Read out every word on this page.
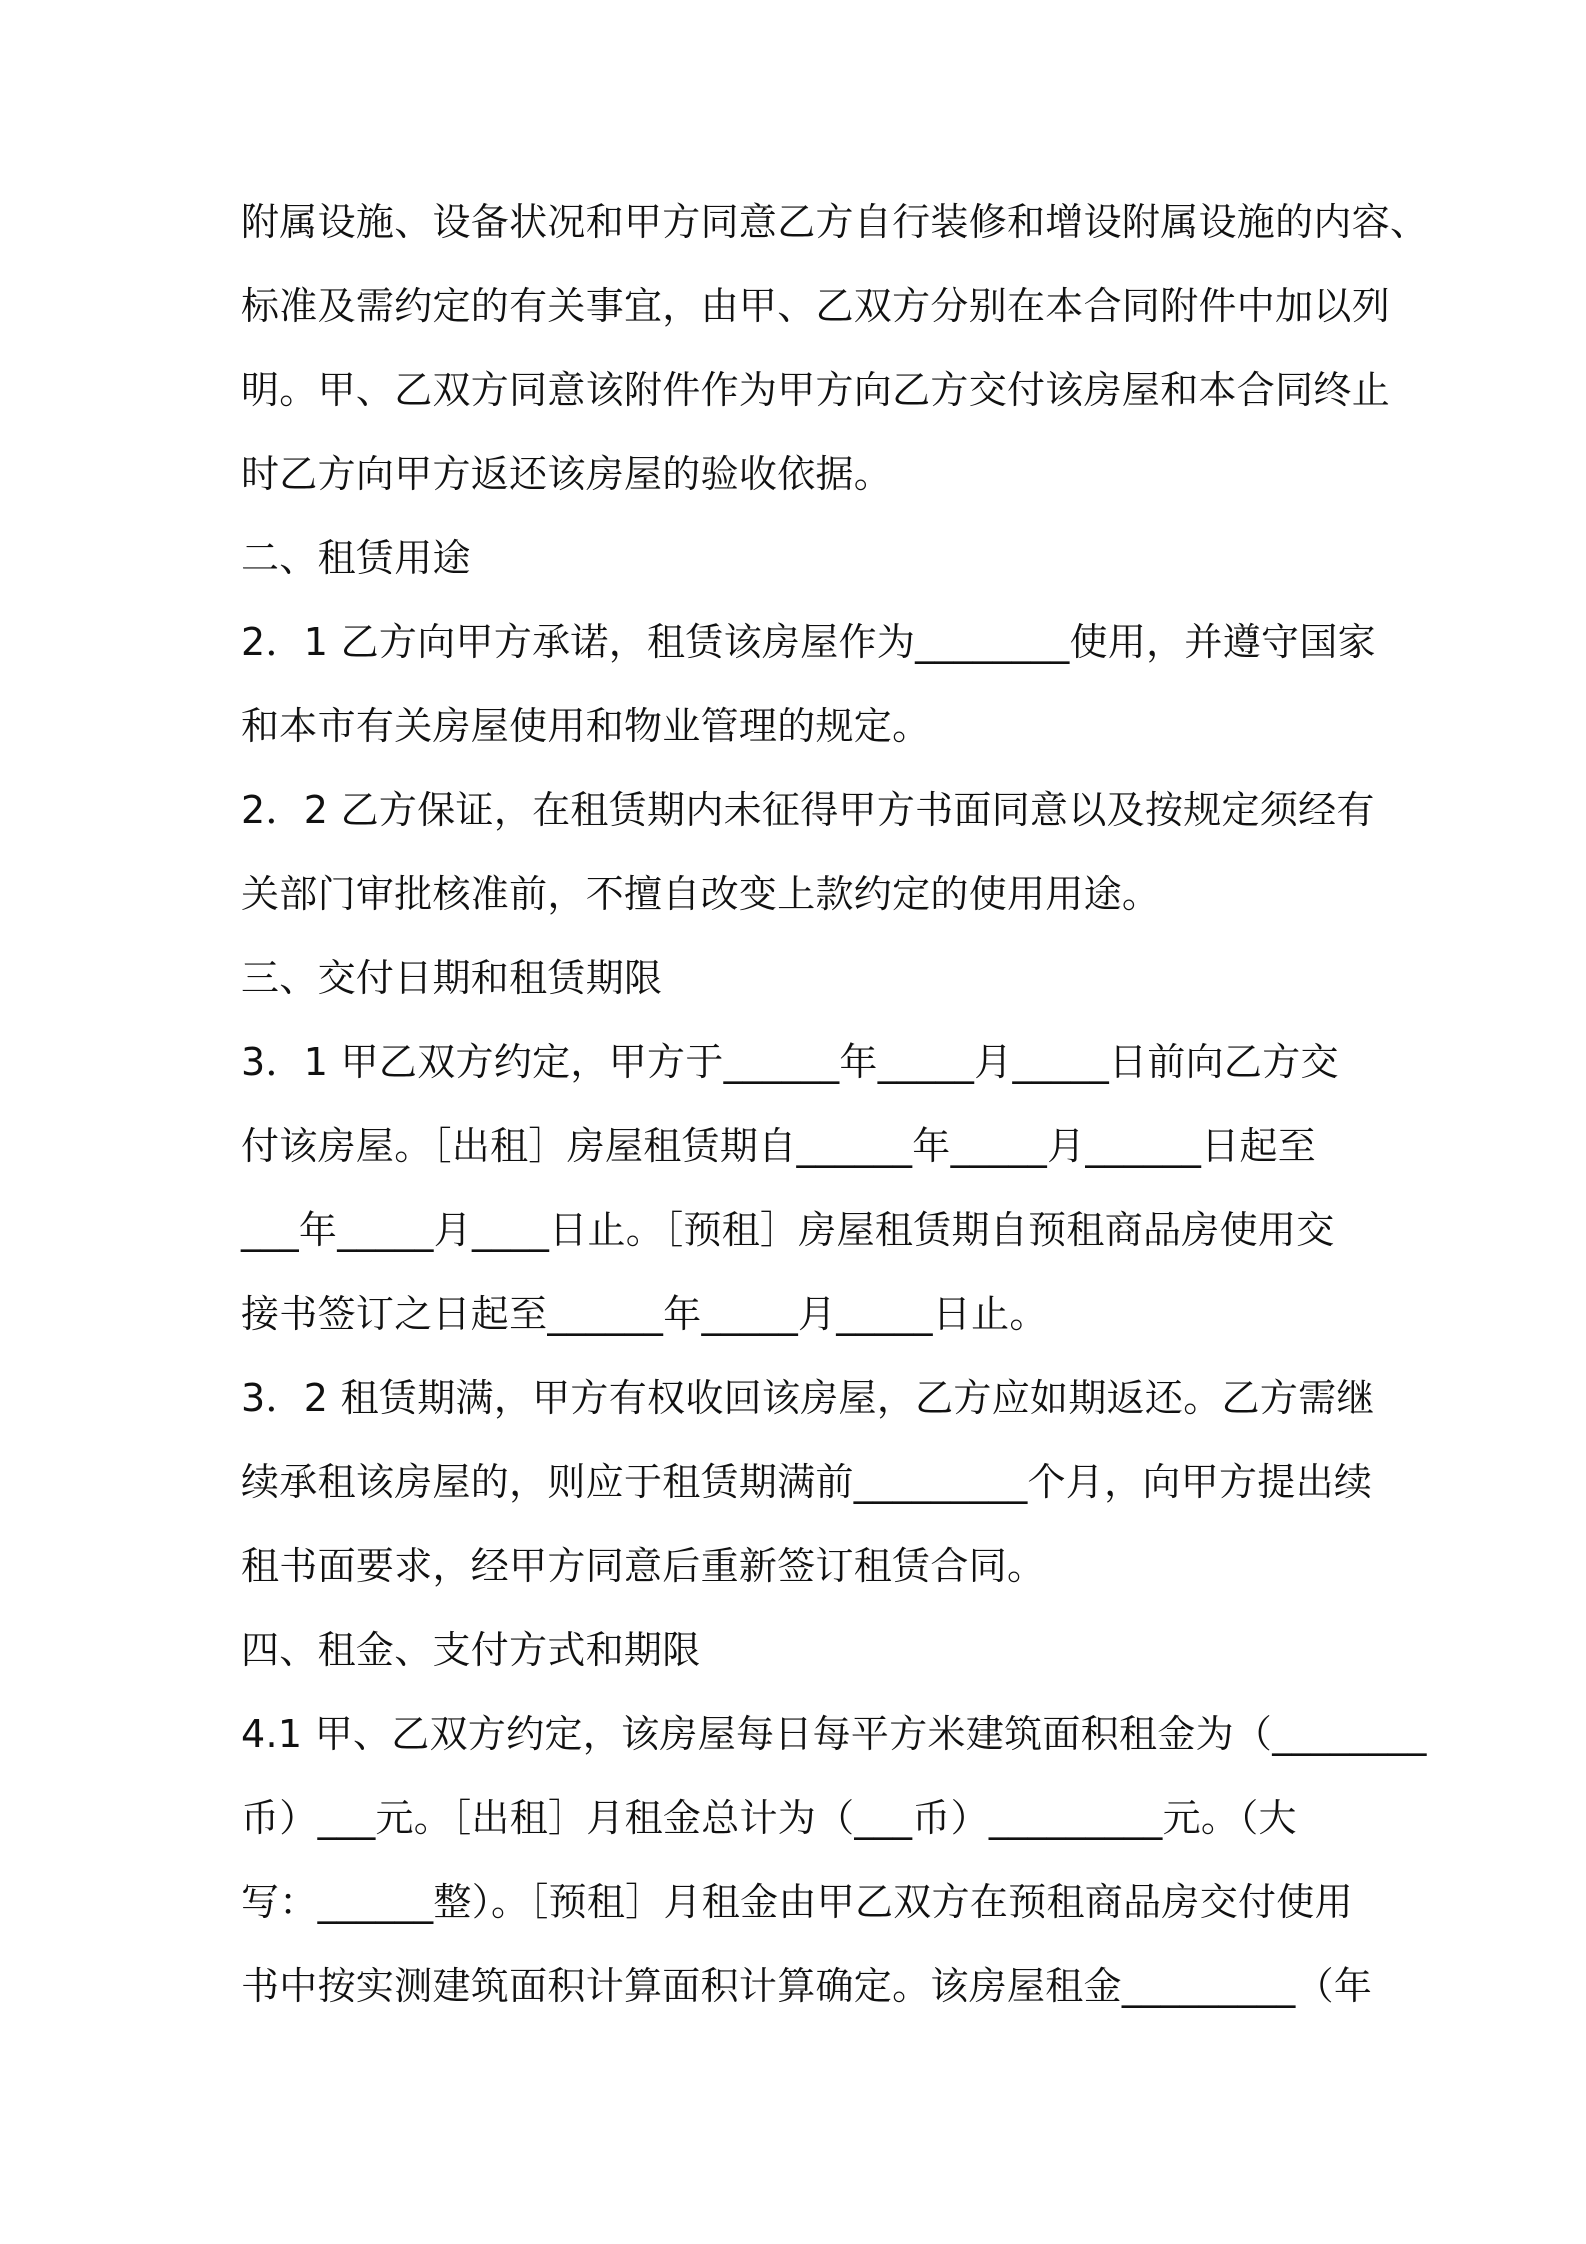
附属设施、设备状况和甲方同意乙方自行装修和增设附属设施的内容、
标准及需约定的有关事宜，由甲、乙双方分别在本合同附件中加以列
明。甲、乙双方同意该附件作为甲方向乙方交付该房屋和本合同终止
时乙方向甲方返还该房屋的验收依据。
二、租赁用途
2．1 乙方向甲方承诺，租赁该房屋作为________使用，并遵守国家
和本市有关房屋使用和物业管理的规定。
2．2 乙方保证，在租赁期内未征得甲方书面同意以及按规定须经有
关部门审批核准前，不擅自改变上款约定的使用用途。
三、交付日期和租赁期限
3．1 甲乙双方约定，甲方于______年_____月_____日前向乙方交
付该房屋。［出租］房屋租赁期自______年_____月______日起至
___年_____月____日止。［预租］房屋租赁期自预租商品房使用交
接书签订之日起至______年_____月_____日止。
3．2 租赁期满，甲方有权收回该房屋，乙方应如期返还。乙方需继
续承租该房屋的，则应于租赁期满前_________个月，向甲方提出续
租书面要求，经甲方同意后重新签订租赁合同。
四、租金、支付方式和期限
4.1 甲、乙双方约定，该房屋每日每平方米建筑面积租金为（________
币）___元。［出租］月租金总计为（___币）_________元。（大
写：______整）。［预租］月租金由甲乙双方在预租商品房交付使用
书中按实测建筑面积计算面积计算确定。该房屋租金_________（年
